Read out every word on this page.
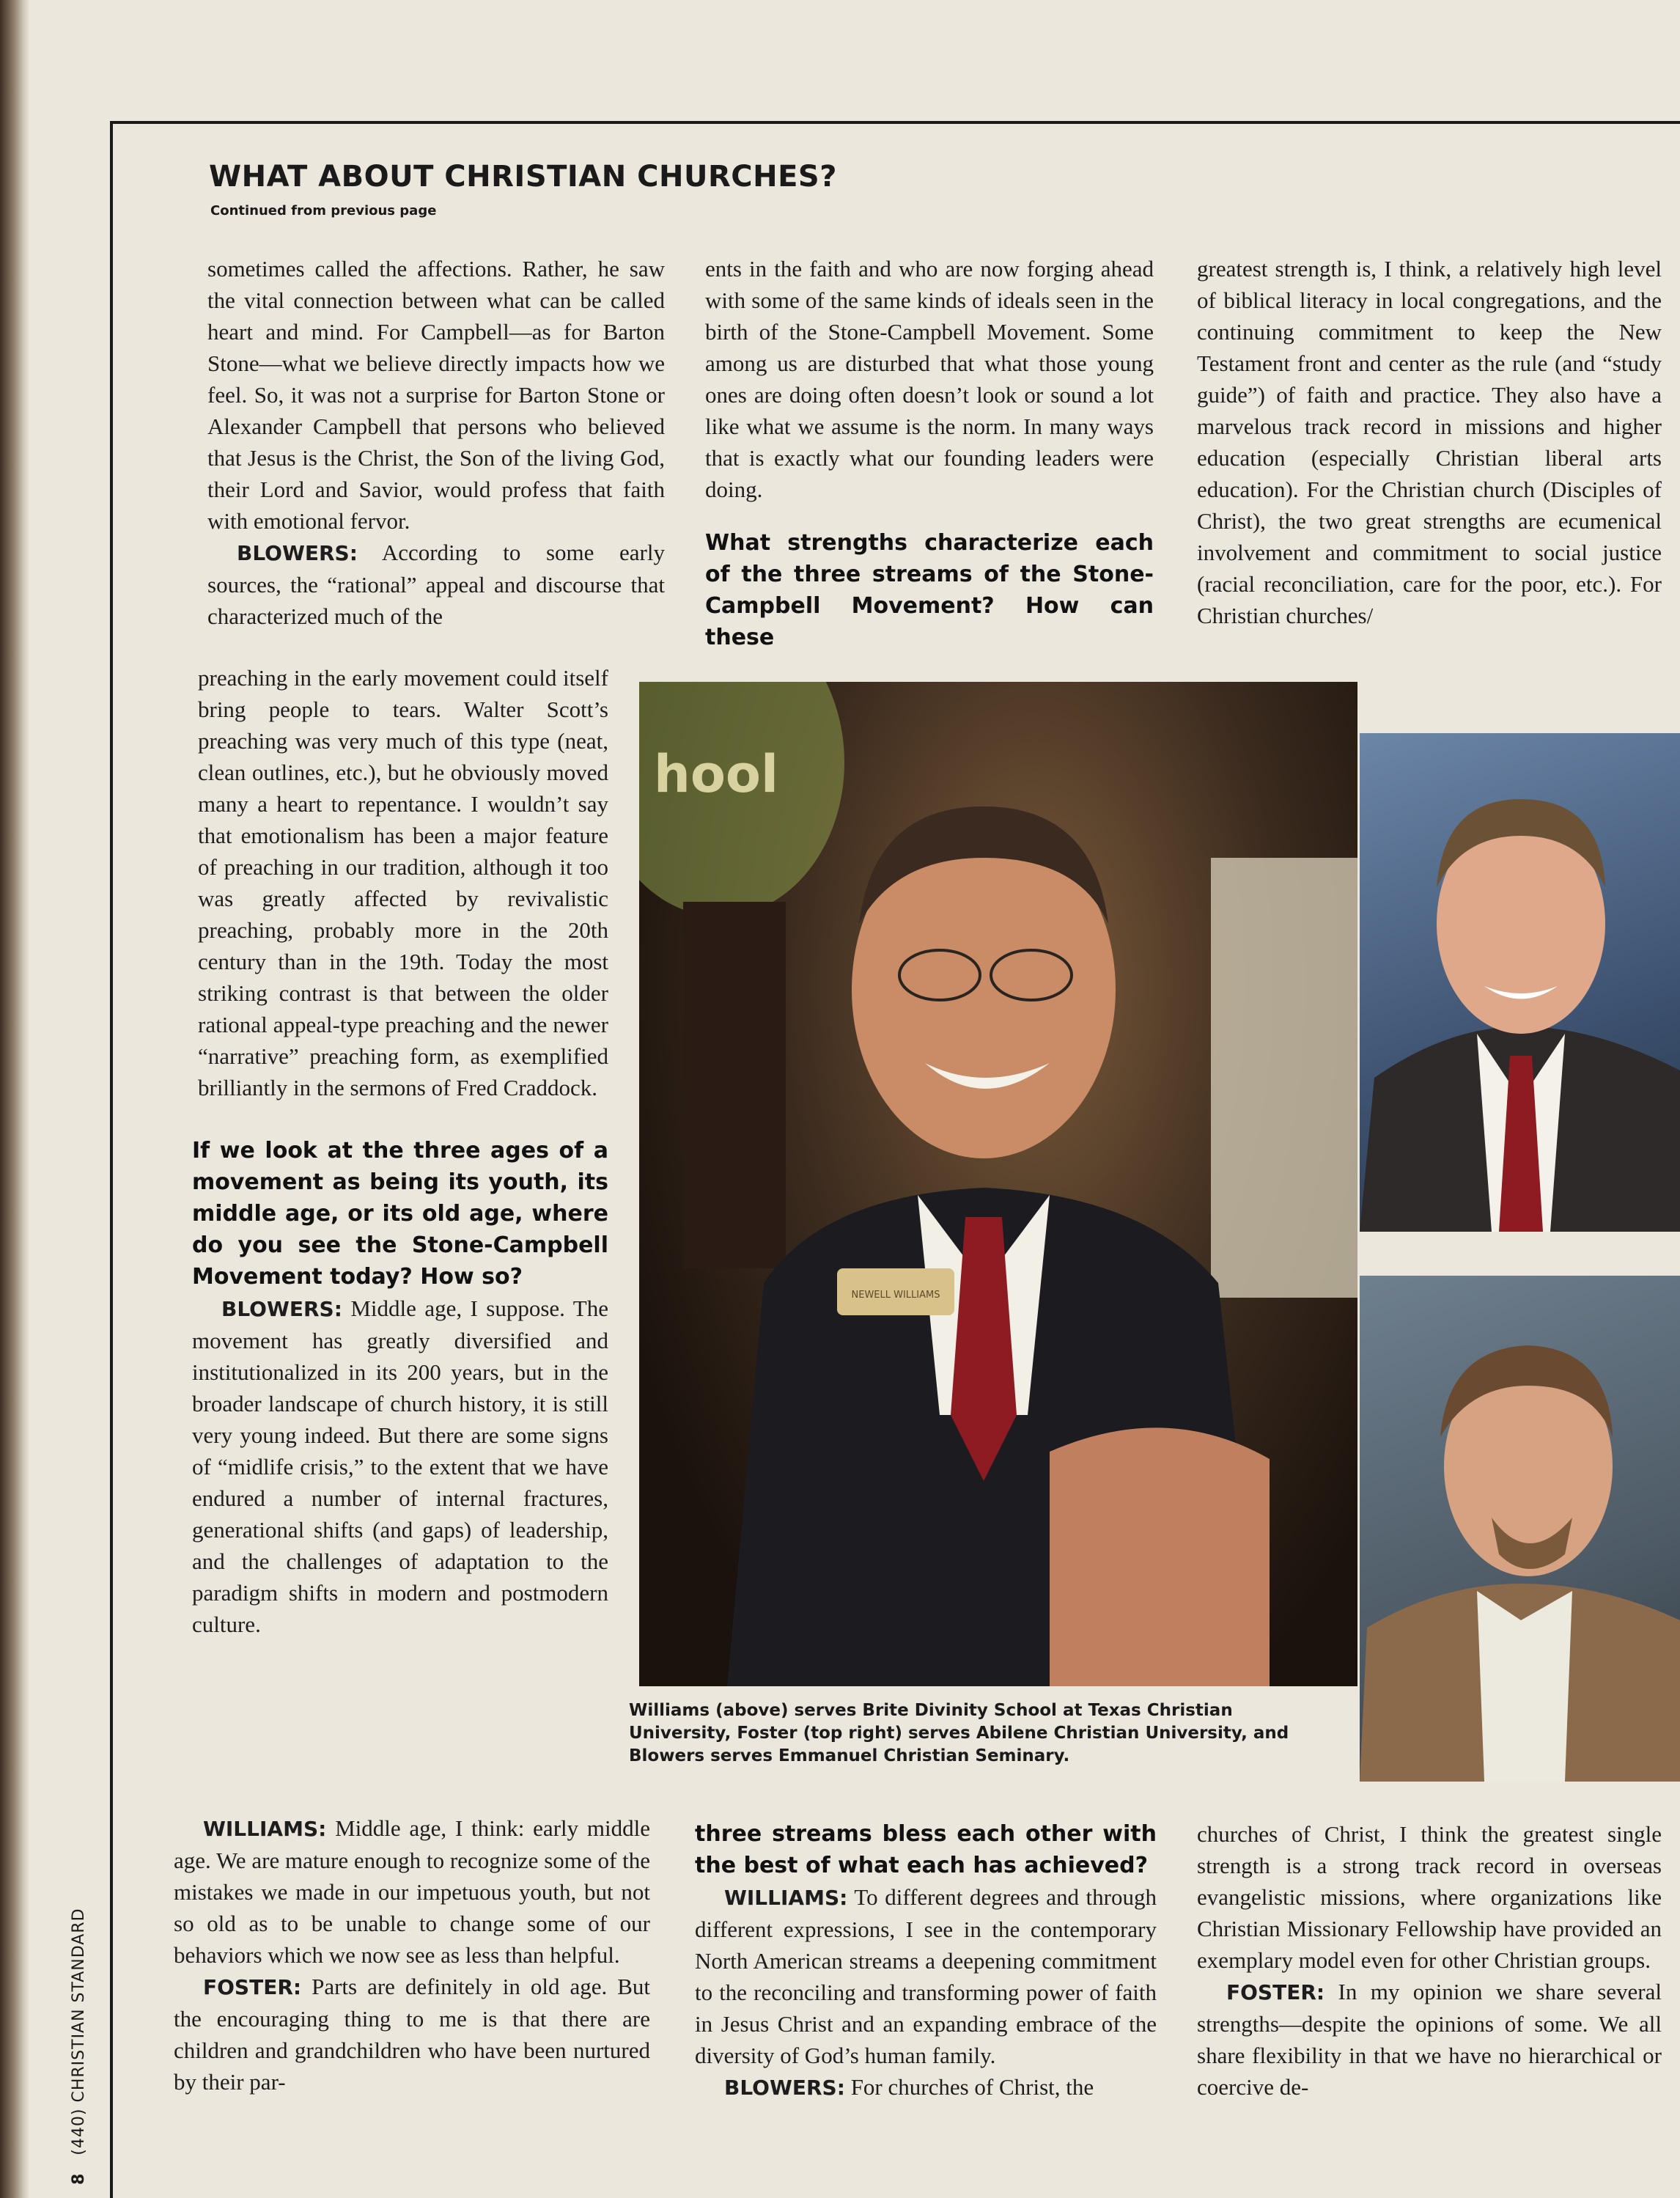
WHAT ABOUT CHRISTIAN CHURCHES?
Continued from previous page

sometimes called the affections. Rather, he saw the vital connection between what can be called heart and mind. For Campbell—as for Barton Stone—what we believe directly impacts how we feel. So, it was not a surprise for Barton Stone or Alexander Campbell that persons who believed that Jesus is the Christ, the Son of the living God, their Lord and Savior, would profess that faith with emotional fervor.

BLOWERS: According to some early sources, the “rational” appeal and discourse that characterized much of the

preaching in the early movement could itself bring people to tears. Walter Scott’s preaching was very much of this type (neat, clean outlines, etc.), but he obviously moved many a heart to repentance. I wouldn’t say that emotionalism has been a major feature of preaching in our tradition, although it too was greatly affected by revivalistic preaching, probably more in the 20th century than in the 19th. Today the most striking contrast is that between the older rational appeal-type preaching and the newer “narrative” preaching form, as exemplified brilliantly in the sermons of Fred Craddock.

If we look at the three ages of a movement as being its youth, its middle age, or its old age, where do you see the Stone-Campbell Movement today? How so?

BLOWERS: Middle age, I suppose. The movement has greatly diversified and institutionalized in its 200 years, but in the broader landscape of church history, it is still very young indeed. But there are some signs of “midlife crisis,” to the extent that we have endured a number of internal fractures, generational shifts (and gaps) of leadership, and the challenges of adaptation to the paradigm shifts in modern and postmodern culture.

WILLIAMS: Middle age, I think: early middle age. We are mature enough to recognize some of the mistakes we made in our impetuous youth, but not so old as to be unable to change some of our behaviors which we now see as less than helpful.

FOSTER: Parts are definitely in old age. But the encouraging thing to me is that there are children and grandchildren who have been nurtured by their par-

ents in the faith and who are now forging ahead with some of the same kinds of ideals seen in the birth of the Stone-Campbell Movement. Some among us are disturbed that what those young ones are doing often doesn’t look or sound a lot like what we assume is the norm. In many ways that is exactly what our founding leaders were doing.

What strengths characterize each of the three streams of the Stone-Campbell Movement? How can these

three streams bless each other with the best of what each has achieved?

WILLIAMS: To different degrees and through different expressions, I see in the contemporary North American streams a deepening commitment to the reconciling and transforming power of faith in Jesus Christ and an expanding embrace of the diversity of God’s human family.

BLOWERS: For churches of Christ, the

greatest strength is, I think, a relatively high level of biblical literacy in local congregations, and the continuing commitment to keep the New Testament front and center as the rule (and “study guide”) of faith and practice. They also have a marvelous track record in missions and higher education (especially Christian liberal arts education). For the Christian church (Disciples of Christ), the two great strengths are ecumenical involvement and commitment to social justice (racial reconciliation, care for the poor, etc.). For Christian churches/

churches of Christ, I think the greatest single strength is a strong track record in overseas evangelistic missions, where organizations like Christian Missionary Fellowship have provided an exemplary model even for other Christian groups.

FOSTER: In my opinion we share several strengths—despite the opinions of some. We all share flexibility in that we have no hierarchical or coercive de-

hool
NEWELL WILLIAMS
Williams (above) serves Brite Divinity School at Texas Christian University, Foster (top right) serves Abilene Christian University, and Blowers serves Emmanuel Christian Seminary.
8 (440) CHRISTIAN STANDARD
